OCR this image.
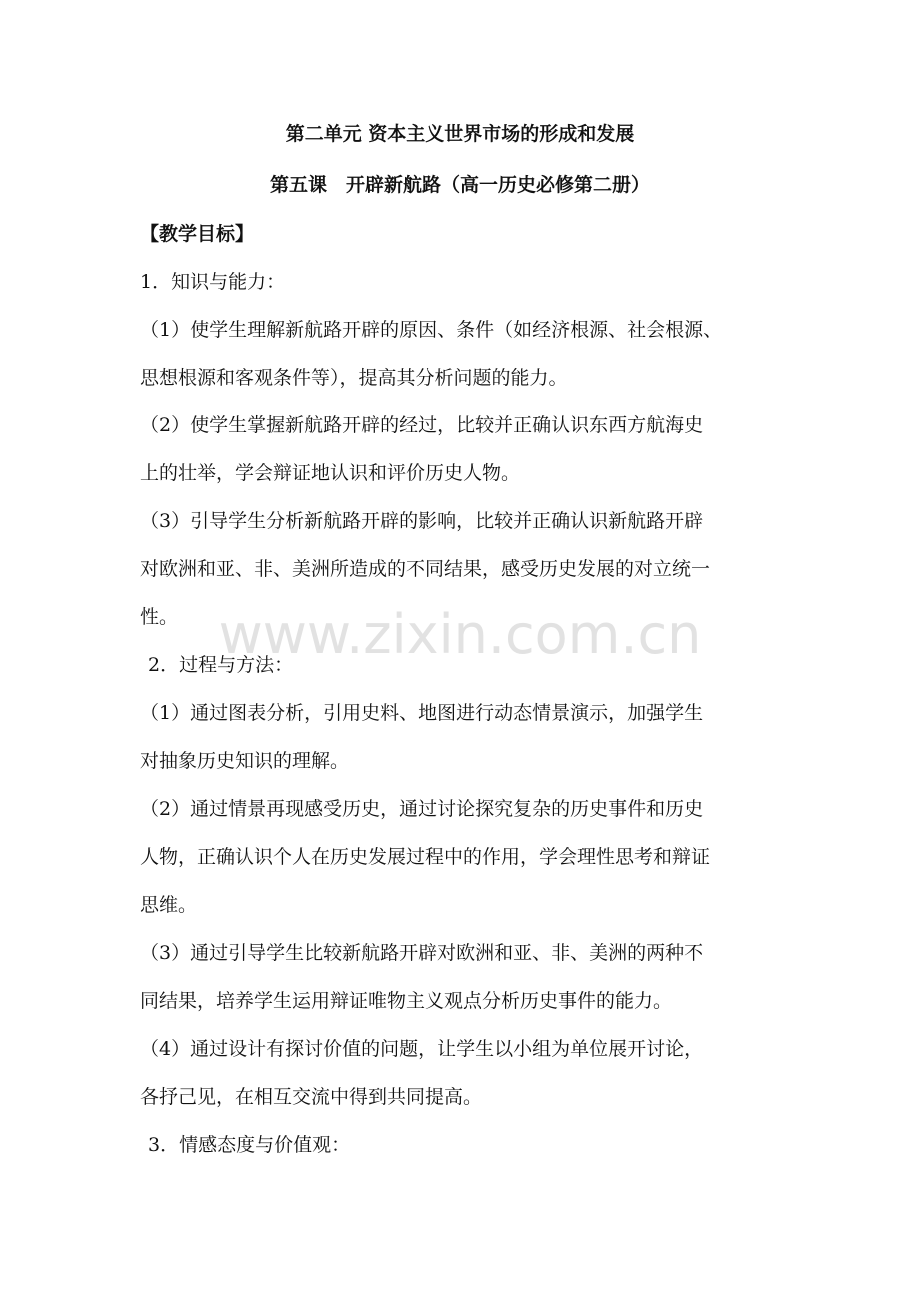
第二单元 资本主义世界市场的形成和发展
第五课　开辟新航路（高一历史必修第二册）
【教学目标】
1．知识与能力：
（1）使学生理解新航路开辟的原因、条件（如经济根源、社会根源、
思想根源和客观条件等），提高其分析问题的能力。
（2）使学生掌握新航路开辟的经过，比较并正确认识东西方航海史
上的壮举，学会辩证地认识和评价历史人物。
（3）引导学生分析新航路开辟的影响，比较并正确认识新航路开辟
对欧洲和亚、非、美洲所造成的不同结果，感受历史发展的对立统一
性。
2．过程与方法：
（1）通过图表分析，引用史料、地图进行动态情景演示，加强学生
对抽象历史知识的理解。
（2）通过情景再现感受历史，通过讨论探究复杂的历史事件和历史
人物，正确认识个人在历史发展过程中的作用，学会理性思考和辩证
思维。
（3）通过引导学生比较新航路开辟对欧洲和亚、非、美洲的两种不
同结果，培养学生运用辩证唯物主义观点分析历史事件的能力。
（4）通过设计有探讨价值的问题，让学生以小组为单位展开讨论，
各抒己见，在相互交流中得到共同提高。
3．情感态度与价值观：
www.zixin.com.cn
